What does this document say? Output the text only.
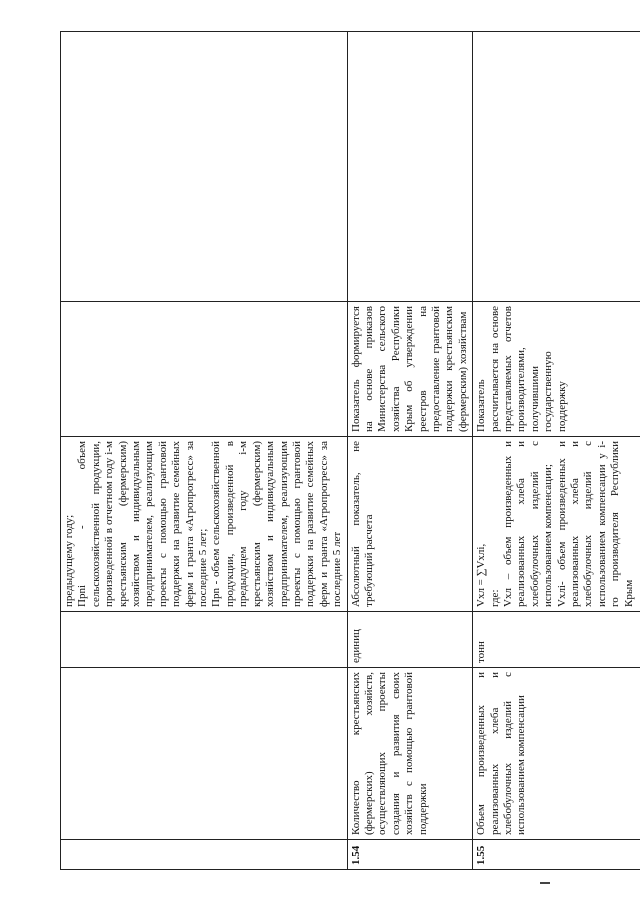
			предыдущему году; Прni - объем сельскохозяйственной продукции, произведенной в отчетном году i-м крестьянским (фермерским) хозяйством и индивидуальным предпринимателем, реализующим проекты с помощью грантовой поддержки на развитие семейных ферм и гранта «Агропрогресс» за последние 5 лет; Прn - объем сельскохозяйственной продукции, произведенной в предыдущем году i-м крестьянским (фермерским) хозяйством и индивидуальным предпринимателем, реализующим проекты с помощью грантовой поддержки на развитие семейных ферм и гранта «Агропрогресс» за последние 5 лет		

1.54	Количество крестьянских (фермерских) хозяйств, осуществляющих проекты создания и развития своих хозяйств с помощью грантовой поддержки	единиц	Абсолютный показатель, не требующий расчета	Показатель формируется на основе приказов Министерства сельского хозяйства Республики Крым об утверждении реестров на предоставление грантовой поддержки крестьянским (фермерским) хозяйствам	
1.55	Объем произведенных и реализованных хлеба и хлебобулочных изделий с использованием компенсации	тонн	Vхл = ∑Vхлi, где: Vхл – объем произведенных и реализованных хлеба и хлебобулочных изделий с использованием компенсации; Vхлi- объем произведенных и реализованных хлеба и хлебобулочных изделий с использованием компенсации у i-го производителя Республики Крым	Показатель рассчитывается на основе представляемых отчетов производителями, получившими государственную поддержку	
